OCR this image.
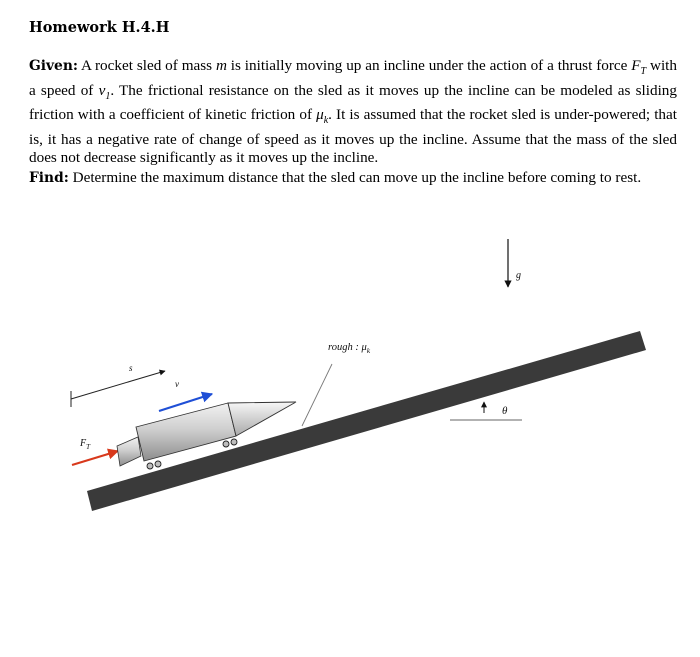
Homework H.4.H

Given: A rocket sled of mass m is initially moving up an incline under the action of a thrust force $F_T$ with a speed of $v_1$. The frictional resistance on the sled as it moves up the incline can be modeled as sliding friction with a coefficient of kinetic friction of $\mu_k$. It is assumed that the rocket sled is under-powered; that is, it has a negative rate of change of speed as it moves up the incline. Assume that the mass of the sled does not decrease significantly as it moves up the incline.

Find: Determine the maximum distance that the sled can move up the incline before coming to rest.

g
θ
rough : $\mu_k$
s
v
$F_T$
